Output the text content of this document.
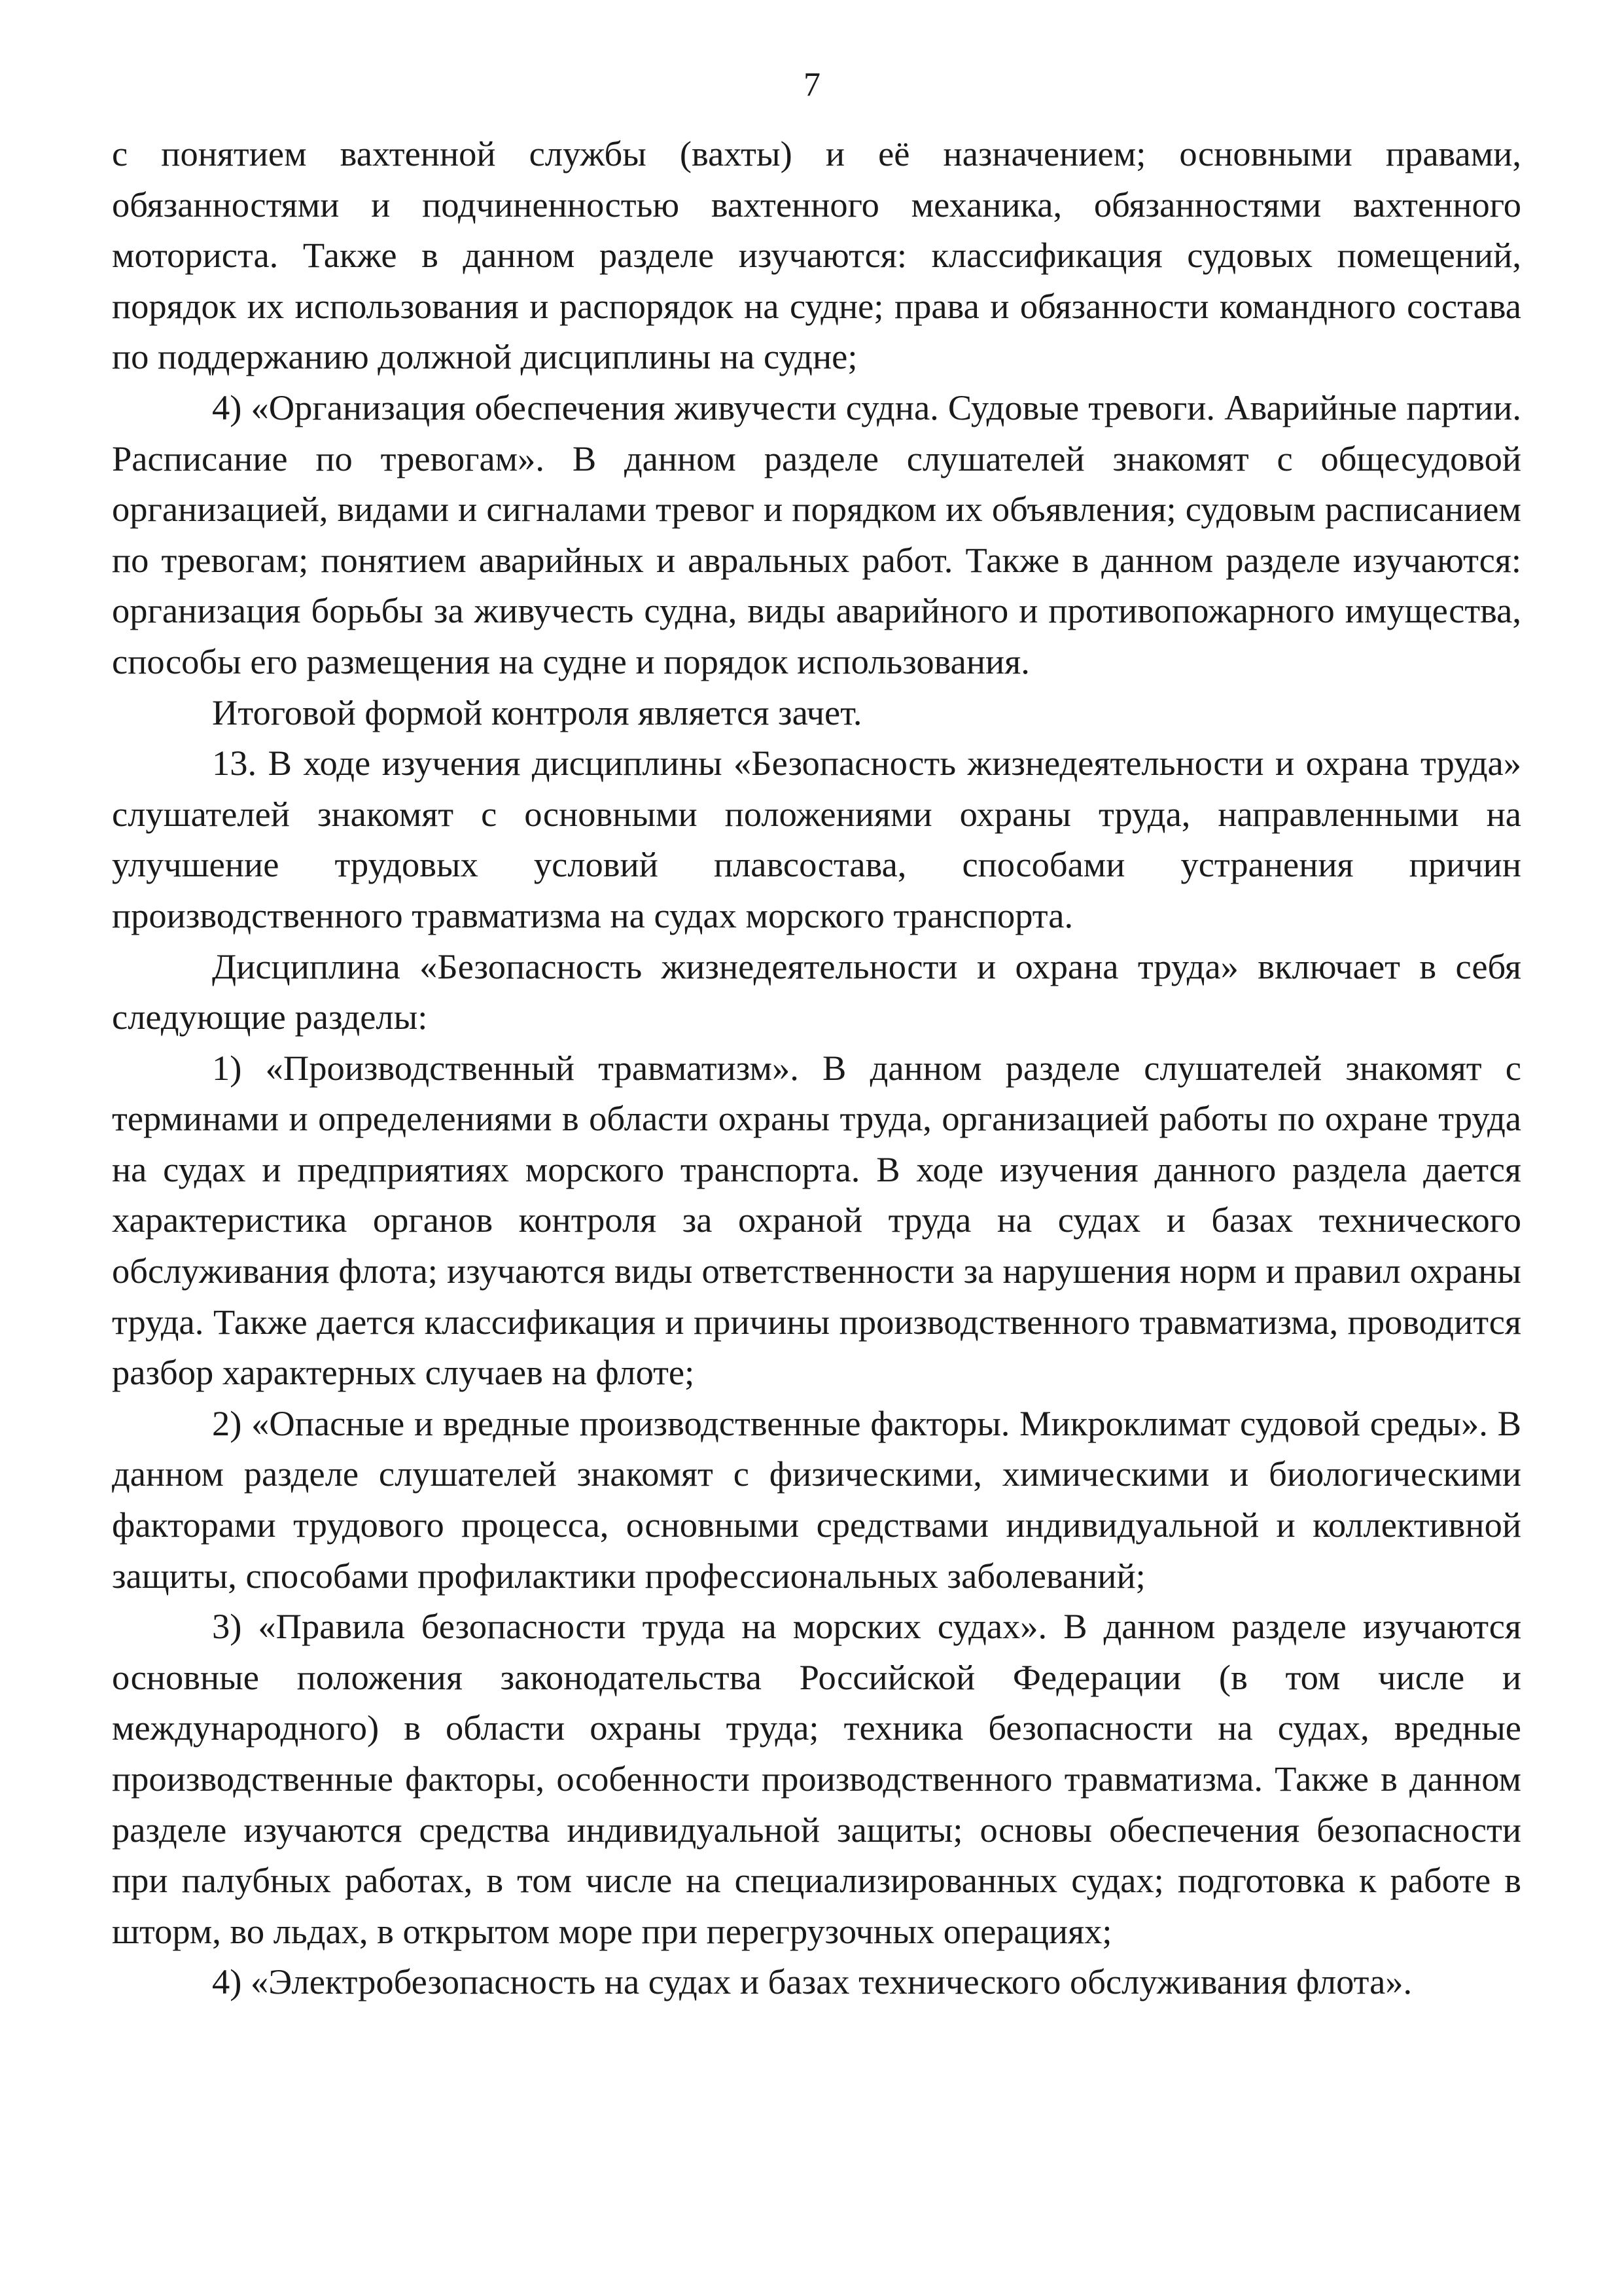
7

с понятием вахтенной службы (вахты) и её назначением; основными правами, обязанностями и подчиненностью вахтенного механика, обязанностями вахтенного моториста. Также в данном разделе изучаются: классификация судовых помещений, порядок их использования и распорядок на судне; права и обязанности командного состава по поддержанию должной дисциплины на судне;

4) «Организация обеспечения живучести судна. Судовые тревоги. Аварийные партии. Расписание по тревогам». В данном разделе слушателей знакомят с общесудовой организацией, видами и сигналами тревог и порядком их объявления; судовым расписанием по тревогам; понятием аварийных и авральных работ. Также в данном разделе изучаются: организация борьбы за живучесть судна, виды аварийного и противопожарного имущества, способы его размещения на судне и порядок использования.

Итоговой формой контроля является зачет.

13. В ходе изучения дисциплины «Безопасность жизнедеятельности и охрана труда» слушателей знакомят с основными положениями охраны труда, направленными на улучшение трудовых условий плавсостава, способами устранения причин производственного травматизма на судах морского транспорта.

Дисциплина «Безопасность жизнедеятельности и охрана труда» включает в себя следующие разделы:

1) «Производственный травматизм». В данном разделе слушателей знакомят с терминами и определениями в области охраны труда, организацией работы по охране труда на судах и предприятиях морского транспорта. В ходе изучения данного раздела дается характеристика органов контроля за охраной труда на судах и базах технического обслуживания флота; изучаются виды ответственности за нарушения норм и правил охраны труда. Также дается классификация и причины производственного травматизма, проводится разбор характерных случаев на флоте;

2) «Опасные и вредные производственные факторы. Микроклимат судовой среды». В данном разделе слушателей знакомят с физическими, химическими и биологическими факторами трудового процесса, основными средствами индивидуальной и коллективной защиты, способами профилактики профессиональных заболеваний;

3) «Правила безопасности труда на морских судах». В данном разделе изучаются основные положения законодательства Российской Федерации (в том числе и международного) в области охраны труда; техника безопасности на судах, вредные производственные факторы, особенности производственного травматизма. Также в данном разделе изучаются средства индивидуальной защиты; основы обеспечения безопасности при палубных работах, в том числе на специализированных судах; подготовка к работе в шторм, во льдах, в открытом море при перегрузочных операциях;

4) «Электробезопасность на судах и базах технического обслуживания флота».
